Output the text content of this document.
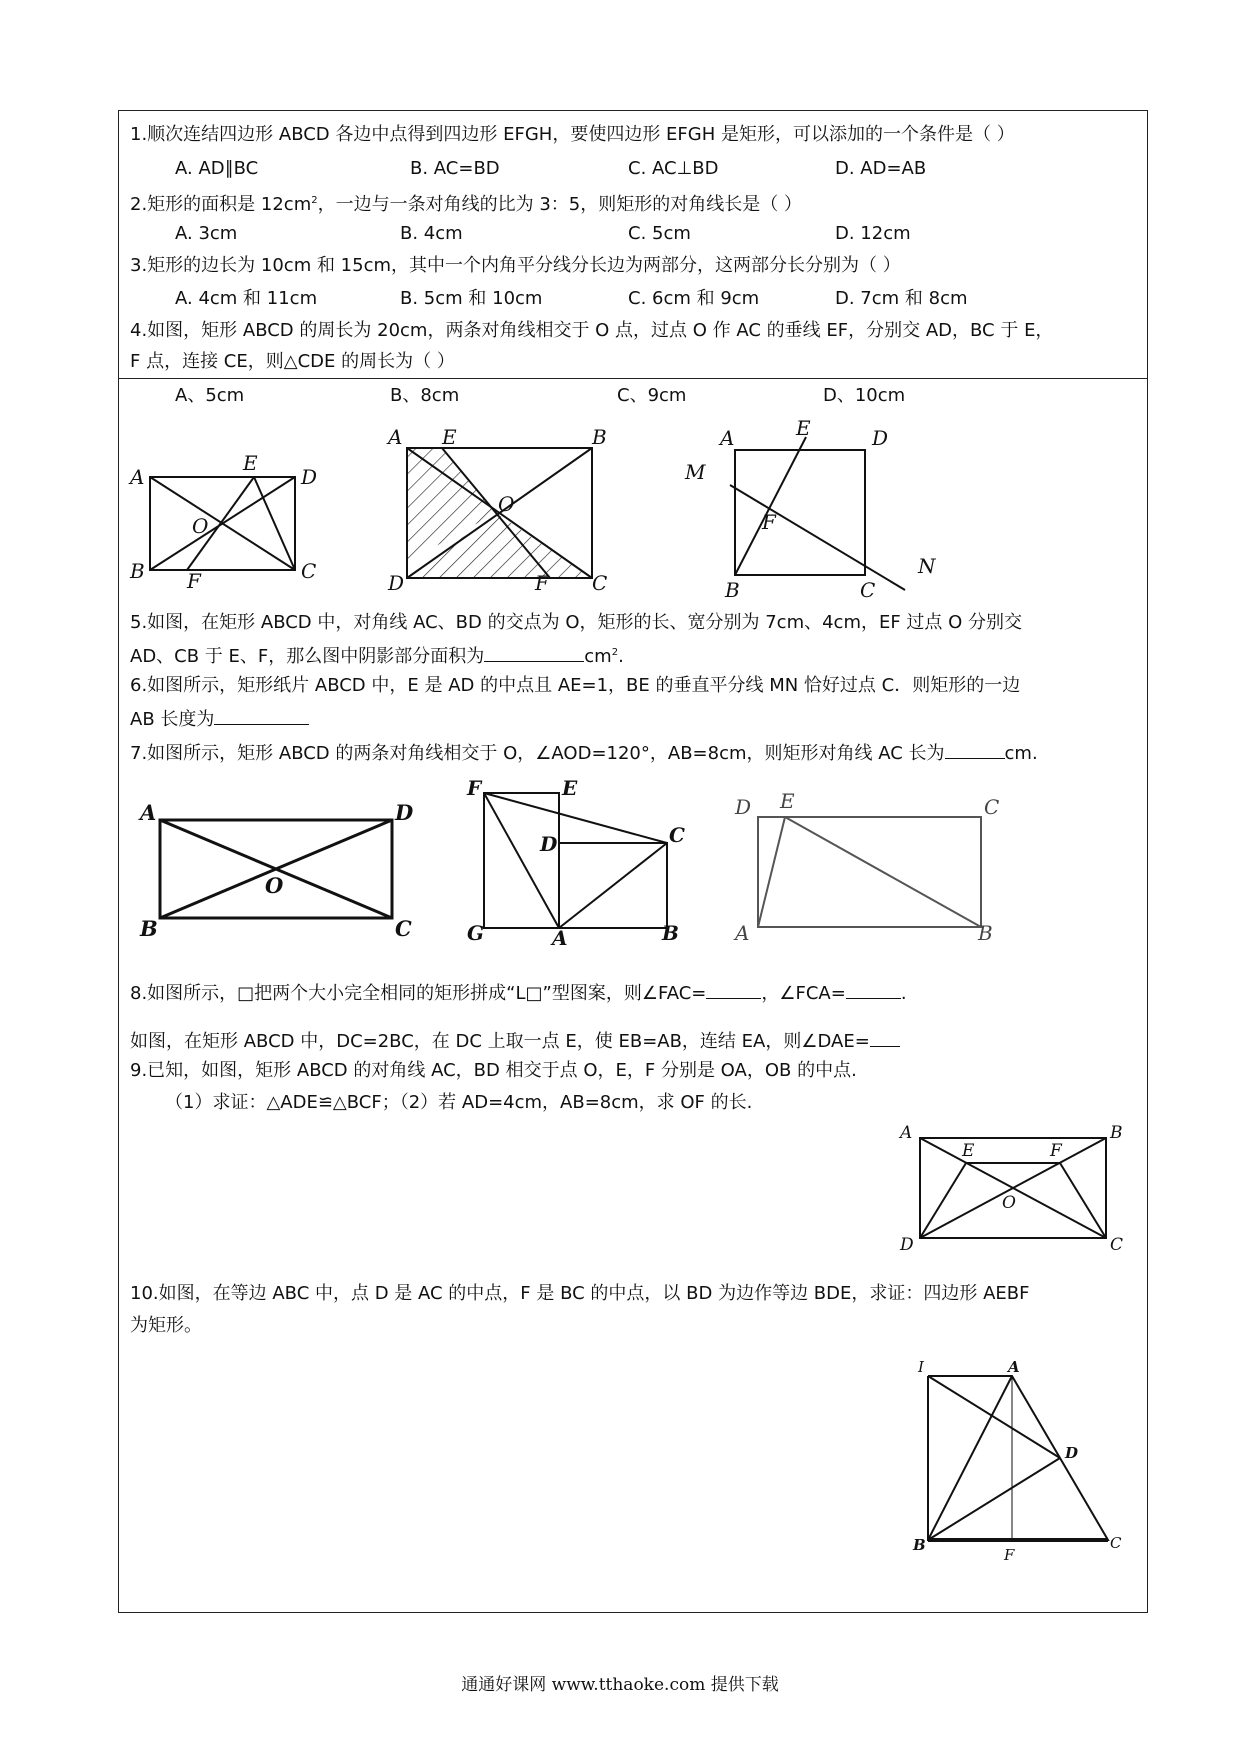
1.顺次连结四边形 ABCD 各边中点得到四边形 EFGH，要使四边形 EFGH 是矩形，可以添加的一个条件是（ ）
A. AD∥BC	B. AC=BD	C. AC⊥BD	D. AD=AB
2.矩形的面积是 $12cm^2$，一边与一条对角线的比为 3：5，则矩形的对角线长是（ ）
A. 3cm	B. 4cm	C. 5cm	D. 12cm
3.矩形的边长为 10cm 和 15cm，其中一个内角平分线分长边为两部分，这两部分长分别为（ ）
A. 4cm 和 11cm	B. 5cm 和 10cm	C. 6cm 和 9cm	D. 7cm 和 8cm
4.如图，矩形 ABCD 的周长为 20cm，两条对角线相交于 O 点，过点 O 作 AC 的垂线 EF，分别交 AD，BC 于 E，
F 点，连接 CE，则△CDE 的周长为（ ）
A、5cm	B、8cm	C、9cm	D、10cm
A
E
D
O
B F	C
A E	B
O
D	F C
A	E	D
M
F
B	C
N
5.如图，在矩形 ABCD 中，对角线 AC、BD 的交点为 O，矩形的长、宽分别为 7cm、4cm，EF 过点 O 分别交
AD、CB 于 E、F，那么图中阴影部分面积为	$cm^2$.
6.如图所示，矩形纸片 ABCD 中，E 是 AD 的中点且 AE=1，BE 的垂直平分线 MN 恰好过点 C．则矩形的一边
AB 长度为
7.如图所示，矩形 ABCD 的两条对角线相交于 O，∠AOD=120°，AB=8cm，则矩形对角线 AC 长为	cm.
A	D
O
B	C
F	E
D	C
G	A	B
D E	C
A	B
8.如图所示，□把两个大小完全相同的矩形拼成“L□”型图案，则∠FAC=	，∠FCA=	.
如图，在矩形 ABCD 中，DC=2BC，在 DC 上取一点 E，使 EB=AB，连结 EA，则∠DAE=
9.已知，如图，矩形 ABCD 的对角线 AC，BD 相交于点 O，E，F 分别是 OA，OB 的中点.
（1）求证：△ADE≌△BCF；（2）若 AD=4cm，AB=8cm，求 OF 的长.
A	B
E	F
O
D	C
10.如图，在等边 ABC 中，点 D 是 AC 的中点，F 是 BC 的中点，以 BD 为边作等边 BDE，求证：四边形 AEBF
为矩形。
I	A
D
B
F
C
通通好课网 www.tthaoke.com 提供下载
